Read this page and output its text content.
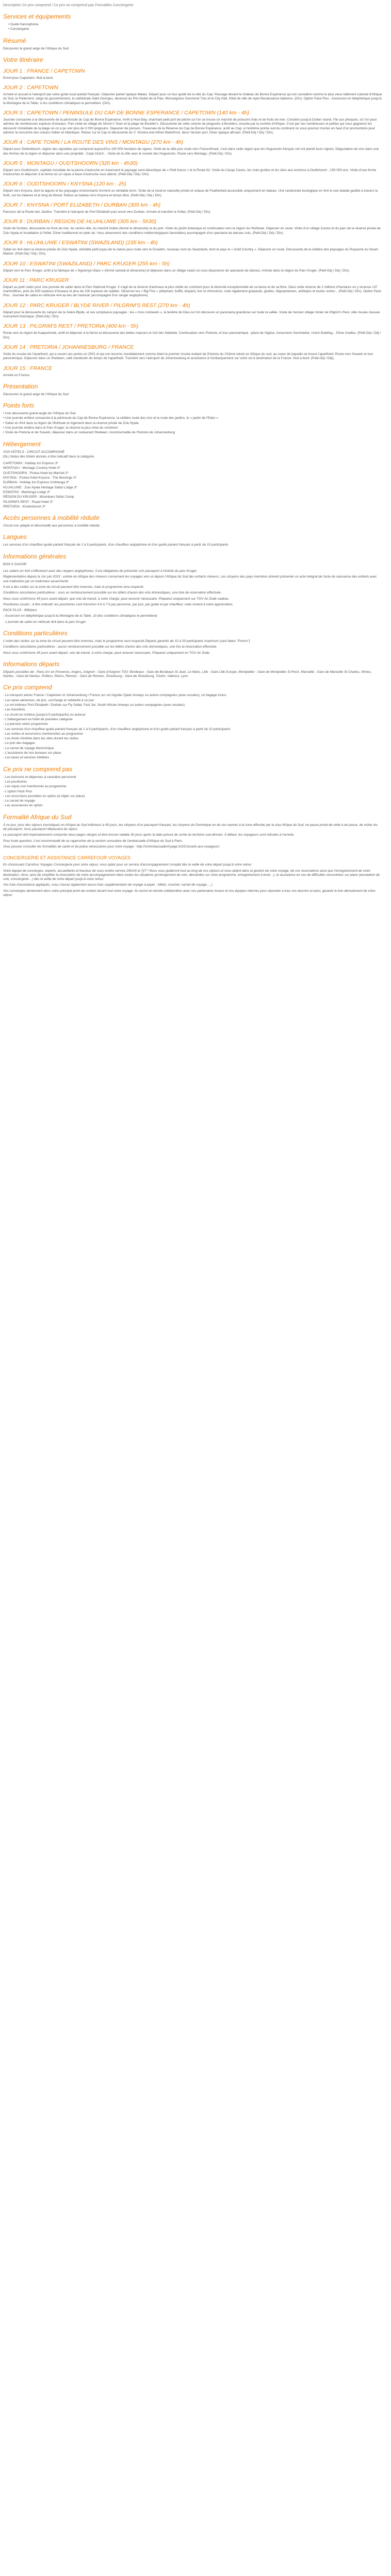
Description Ce prix comprend / Ce prix ne comprend pas Formalités Conciergerie
Services et équipements
• Guide francophone
• Conciergerie
Résumé
Découvrez le grand ange de l'Afrique du Sud
Votre itinéraire
JOUR 1 : FRANCE / CAPETOWN
Envol pour Capetown. Nuit à bord.
JOUR 2 : CAPETOWN
Arrivée et accueil à l'aéroport par votre guide local parlant français. Déjeuner panier typique Malais. Départ pour un tour guidé de la ville du Cap. Passage devant le château de Bonne Espérance qui est considéré comme le plus vieux bâtiment colonial d'Afrique du Sud, le Parlement, siège du gouvernement, la cathédrale Saint Georges, devenue du Prix Nobel de la Paix, Monseigneur Desmond Tutu et le City Hall, hôtel de ville de style Renaissance italienne. (Dîn). Option Pack Plus : Ascension en téléphérique jusqu'à la Montagne de la Table, si les conditions climatiques le permettent. (Dîn).
JOUR 3 : CAPETOWN / PENINSULE DU CAP DE BONNE ESPERANCE / CAPETOWN (140 km - 4h)
Journée consacrée à la découverte de la péninsule du Cap de Bonne Espérance. Arrêt à Hout Bay, charmant petit port de pêche où l'on se trouve un marché de poissons frais et de fruits de mer. Croisière jusqu'à Duiker Island, l'île aux phoques, où l'on peut admirer de nombreuses espèces d'oiseaux. Puis visite du village de Simon's Town et la plage de Boulder's. Découverte de cette colonie de pingouins à Boulders, ensuite par la contrée d'Afrique. C'est par ses nombreuses et petites qui vous gagnerez les découvrir immédiate de la plage où on a pu voir plus de 3 000 pingouins. Déjeuner de poisson. Traversée de la Réserve du Cap de Bonne Espérance, arrêt au Cap, à l'extrême pointe sud du continent où vous pourrez monter en haut d'un promontoire pour admirer la rencontre des océans Indien et Atlantique. Retour sur le Cap et découverte du V. Victoria and Alfred Waterfront, dans l'ancien port. Dîner typique africain. (Petit-Déj / Déj / Dîn).
JOUR 4 : CAPE TOWN / LA ROUTE DES VINS / MONTAGU (270 km - 4h)
Départ pour Stellenbosch, région des vignobles qui comprend aujourd'hui 100 000 hectares de vignes. Visite de la ville puis route vers Franschhoek, c'est dans cette région que les Huguenots français ont ont planté leurs vignes. Dégustation de vins dans une des fermes de la région et déjeuner dans une propriété - Cape Dutch -. Visite de la ville avec le musée des Huguenots. Route vers Montagu. (Petit-Déj / Dîn).
JOUR 5 : MONTAGU / OUDTSHOORN (320 km - 4h30)
Départ vers Oudtshoorn, capitale mondiale de la plume d'autruche en traversant le paysage semi-désertique de « Petit Karoo » et la Route 62. Visite du Cango Caves, les vrais grottes et les sites aux environs à Oudtshoorn ; 150 000 ans. Visite d'une ferme d'autruches et déjeuner à la ferme où un repas à base d'autruche vous attend. (Petit-Déj / Déj / Dîn).
JOUR 6 : OUDTSHOORN / KNYSNA (120 km - 2h)
Départ vers Knysna, dont la lagune et les paysages environnants forment un véritable écrin. Visite de la réserve naturelle privée et unique de Featherbed accessible uniquement en bateau. Une randonnée écologique en 4x4 et une balade guidée à travers la forêt, sur les falaises et le long de littoral. Retour au bateau vers Knysna et temps libre. (Petit-Déj / Déj / Dîn).
JOUR 7 : KNYSNA / PORT ELIZABETH / DURBAN (305 km - 4h)
Parcours de la Route des Jardins. Transfert à l'aéroport de Port Elizabeth puis envol vers Durban. Arrivée et transfert à l'hôtel. (Petit-Déj / Dîn).
JOUR 8 : DURBAN / REGION DE HLUHLUWE (305 km - 5h30)
Visite de Durban, découverte du front de mer, du centre-ville, du marché Indien (fermé le dimanche) et du port. Visite du jardin botanique et continuation vers la région du Hluhluwe. Déjeuner en route. Visite d'un village Zoulou et du parc de la réserve privée de Zulu Nyala et installation à l'hôtel. Dîner traditionnel en plein air. Vous observerez des conditions météorologiques favorables) accompagné d'un spectacle de danses zulu. (Petit-Déj / Déj / Dîn).
JOUR 9 : HLUHLUWE / ESWATINI (SWAZILAND) (235 km - 4h)
Safari en 4x4 dans la réserve privée de Zulu Nyala, véritable petit joyau de la nature puis route vers le Eswatini, nouveau nom du Swaziland, dont le pays le « Gold Country ». Déjeuner en route. Découverte de la célèbre des paysages du Royaume du Swazi Market. (Petit-Déj / Déj / Dîn).
JOUR 10 : ESWATINI (SWAZILAND) / PARC KRUGER (255 km - 5h)
Départ vers le Parc Kruger, arrêt à la fabrique de « Ngwenya Glass » (fermé samedi et dimanche) et déjeuner dans un village swazi où vous disposerez de spectacle de danses. Arrivée dans la région du Parc Kruger. (Petit-Déj / Déj / Dîn).
JOUR 11 : PARC KRUGER
Départ au petit matin pour une journée de safari dans le Parc National Kruger. Il s'agit de la réserve d'animaux la plus vieille du continent pour la diversité exceptionnelle de sa faune et de sa flore. Dans cette réserve de 2 millions d'hectares on y recense 137 mammifères, près de 500 espèces d'oiseaux et plus de 100 espèces de reptiles. Observer les « Big Five » (éléphant, buffle, léopard, lion et rhinocéros, mais également guépards, girafes, hippopotames, antilopes et toutes sortes... (Petit-Déj / Dîn). Option Pack Plus : Journée de safari en véhicule 4x4 au lieu de l'autocar (accompagné d'un ranger anglophone).
JOUR 12 : PARC KRUGER / BLYDE RIVER / PILGRIM'S REST (270 km - 4h)
Départ pour la découverte du canyon de la rivière Blyde, et ses somptueux paysages : les « trois rondavels », la fenêtre de Dieu où l'on découvre un panorama grandiose sur toute la vallée. Visite de l'ancien village minier de Pilgrim's Rest, ville musée classée monument historique. (Petit-Déj / Dîn).
JOUR 13 : PILGRIM'S REST / PRETORIA (400 km - 5h)
Route vers la région de Kaapsehoek, arrêt et déjeuner à la ferme et découverte des belles maisons et l'art des Ndebele. Continuation vers Pretoria, et tour panoramique : place de l'église, monument Voortrekker, Union Building... Dîner d'adieu. (Petit-Déj / Déj / Dîn).
JOUR 14 : PRETORIA / JOHANNESBURG / FRANCE
Visite du musée de l'Apartheid, qui a ouvert ses portes en 2001 et qui est reconnu mondialement comme étant le premier musée traitant de l'histoire du XXème siècle en Afrique du sud, au coeur de laquelle se trouve l'apartheid. Route vers Soweto et tour panoramique. Déjeuner dans un Shebeen, café clandestin du temps de l'apartheid. Transfert vers l'aéroport de Johannesburg et assistance à l'embarquement sur votre vol à destination de la France. Nuit à bord. (Petit-Déj / Déj).
JOUR 15 : FRANCE
Arrivée en France.
Présentation
Découvrez le grand ange de l'Afrique du Sud
Points forts
• Une découverte grand-angle de l'Afrique du Sud
• Une journée entière consacrée à la péninsule du Cap de Bonne Espérance, la célèbre route des vins et la route des jardins, le « jardin de l'Eden »
• Safari en 4X4 dans la région de Hluhluwe et logement dans la réserve privée de Zulu Nyala
• Une journée entière dans le Parc Kruger, la réserve la plus riche du continent
• Visite de Pretoria et de Soweto, déjeuner dans un restaurant Shebeen, incontournable de l'histoire de Johannesburg
Hébergement
VOS HÔTELS : CIRCUIT ACCOMPAGNÉ
(NL) Notes des hôtels donnés à titre indicatif dans la catégorie
CAPETOWN : Holiday Inn Express 3*
MONTAGU : Montagu Country Hotel 3*
OUDTSHOORN : Protea Hotel by Marriott 3*
KNYSNA : Protea Hotel Knysna - The Moorings 3*
DURBAN : Holiday Inn Express Umhlanga 3*
HLUHLUWE : Zulu Nyala Heritage Safari Lodge 3*
ESWATINI : Mantenga Lodge 3*
RÉGION DU KRUGER : Mzambani Safari Camp
PILGRIM'S REST : Royal Hotel 3*
PRETORIA : Kirstenbosch 3*
Accès personnes à mobilité réduite
Circuit non adapté et déconseillé aux personnes à mobilité réduite.
Langues
Les services d'un chauffeur-guide parlant français de 1 à 9 participants, d'un chauffeur anglophone et d'un guide parlant français à partir de 10 participants
Informations générales
BON À SAVOIR
Les safaris en 4x4 s'effectuent avec des rangers anglophones. Il est obligatoire de présenter son passeport à l'entrée du parc Kruger.
Réglementation depuis le 1er juin 2015 : entrée en Afrique des mineurs concernant les voyages vers et depuis l'Afrique du Sud des enfants mineurs. Les citoyens des pays membres doivent présenter un acte intégral de l'acte de naissance des enfants avec une traduction par un traducteur assermenté.
Il est à des codes sur la zone du circuit peuvent être inversés, mais le programme sera respecté.
Conditions sécuritaires particulières : sous un remboursement possible sur les billets d'avion des vols domestiques, une liste de réservation effectuée.
Nous vous confirmons 45 jours avant départ, que vols de transit, à votre charge, peut recevoir nécessaire. Préparez uniquement sur TGV Air Zode cadeau.
Pourboires usuels : à titre indicatif, les pourboires sont d'environ 4 € à 7 € par personne, par jour, par guide et par chauffeur, mais restent à votre appréciation.
PACK PLUS : 99€/pers
- Ascension en téléphérique jusqu'à la Montagne de la Table, 10 (les conditions climatiques le permettent)
- 1 journée de safari en véhicule 4x4 dans le parc Kruger
Conditions particulières
L'ordre des visites sur la zone du circuit peuvent être inversés, mais le programme sera respecté.Départs garantis de 10 à 20 participants maximum (sauf dates "Promo")
Conditions sécuritaires particulières : aucun remboursement possible sur les billets d'avion des vols domestiques, une fois la réservation effectuée.
Nous vous confirmons 45 jours avant départ, vols de transit, à votre charge, peut recevoir nécessaire. Préparez uniquement en TGV Air Zode.
Informations départs
Départs possibles de : Paris Arc en Provence, Angers, Avignon - Gare d'Avignon TGV, Bordeaux - Gare de Bordeaux St Jean, Le Mans, Lille - Gare Lille Europe, Montpellier - Gare de Montpellier St Roch, Marseille - Gare de Marseille St Charles, Nîmes, Nantes - Gare de Nantes, Poitiers, Reims, Rennes - Gare de Rennes, Strasbourg - Gare de Strasbourg, Toulon, Valence, Lyon
Ce prix comprend
- Le transport aérien France / Capetown et Johannesburg / France sur vol régulier Qatar Airways ou autres compagnies (avec escales), un bagage inclus
- Les taxes aériennes, de prix, surcharge et solidarité à ce jour
- Le vol intérieur Port Elizabeth / Durban sur Fly Safair, Fast Jet, South African Airways ou autres compagnies (avec escales)
- Les transferts
- Le circuit en minibus (jusqu'à 9 participants) ou autocar
- L'hébergement en hôtel de première catégorie
- La pension selon programme
- Les services d'un chauffeur-guide parlant français de 1 à 9 participants, d'un chauffeur anglophone et d'un guide parlant français à partir de 10 participants
- Les visites et excursions mentionnées au programme
- Les droits d'entrée dans les sites durant les visites
- Le port des bagages
- La carnet de voyage électronique
- L'assistance de nos bureaux sur place
- Les taxes et services hôteliers
Ce prix ne comprend pas
- Les boissons et dépenses à caractère personnel
- Les pourboires
- Les repas non mentionnés au programme
- L'option Pack Plus
- Les excursions possibles en option (à régler sur place)
- Le carnet de voyage
- Les assurances en option
Formalité Afrique du Sud
À ce jour, pour des séjours touristiques en Afrique du Sud inférieurs à 90 jours, les citoyens d'un passeport français, les citoyens du Dominique en de ses navires à la zone affectée par la visa Afrique du Sud, ne passe portal de cette à de passe, de visiter les de passeport, nous passeport dépassera du séjour.
Le passeport doit impérativement comporter deux pages vierges et être encore valable 30 jours après la date prévue de sortie du territoire sud-africain. À défaut, les voyageurs sont refoulés à l'arrivée.
Pour toute question, il est recommandé de se rapprocher de la section consulaire de l'ambassade d'Afrique du Sud à Paris.
Vous pouvez consulter les formalités de santé et de police nécessaires pour votre voyage : http://UrlAmbassadeVoyage.fr/2/Conseils-aux-voyageurs
CONCIERGERIE ET ASSISTANCE CARREFOUR VOYAGES
En choisissant Carrefour Voyages Conciergerie pour votre séjour, vous optez pour un service d'accompagnement complet dès la veille de votre départ jusqu'à votre retour.
Votre équipe de concierges, experts, accueillants et heureux de vous rendre service 24h/24 et 7j/7 ! Nous vous guideront tout au long de vos séjours et vous aident dans la gestion de votre voyage, de vos réservations ainsi que l'enregistrement de votre destination. Ainsi, ainsi de simplifier la réservation de votre accompagnement dans toutes les situations (prolongement de vols, demandes sur votre programme, enregistrement à bord…), et assistance en cas de difficultés rencontrées sur place (annulation de vols, conciergerie…) dès la veille de votre départ jusqu'à votre retour.
Vos frais d'assistance appliqués, vous n'aurez également aucun frais supplémentaire de voyage à payer : billets, voucher, carnet de voyage, ...)
Vos concierges deviennent alors votre principal point de contact durant tout votre voyage. Ils seront en étroite collaboration avec nos partenaires locaux et nos équipes internes pour répondre à tous vos besoins et ainsi, garantir le bon déroulement de votre séjour.
